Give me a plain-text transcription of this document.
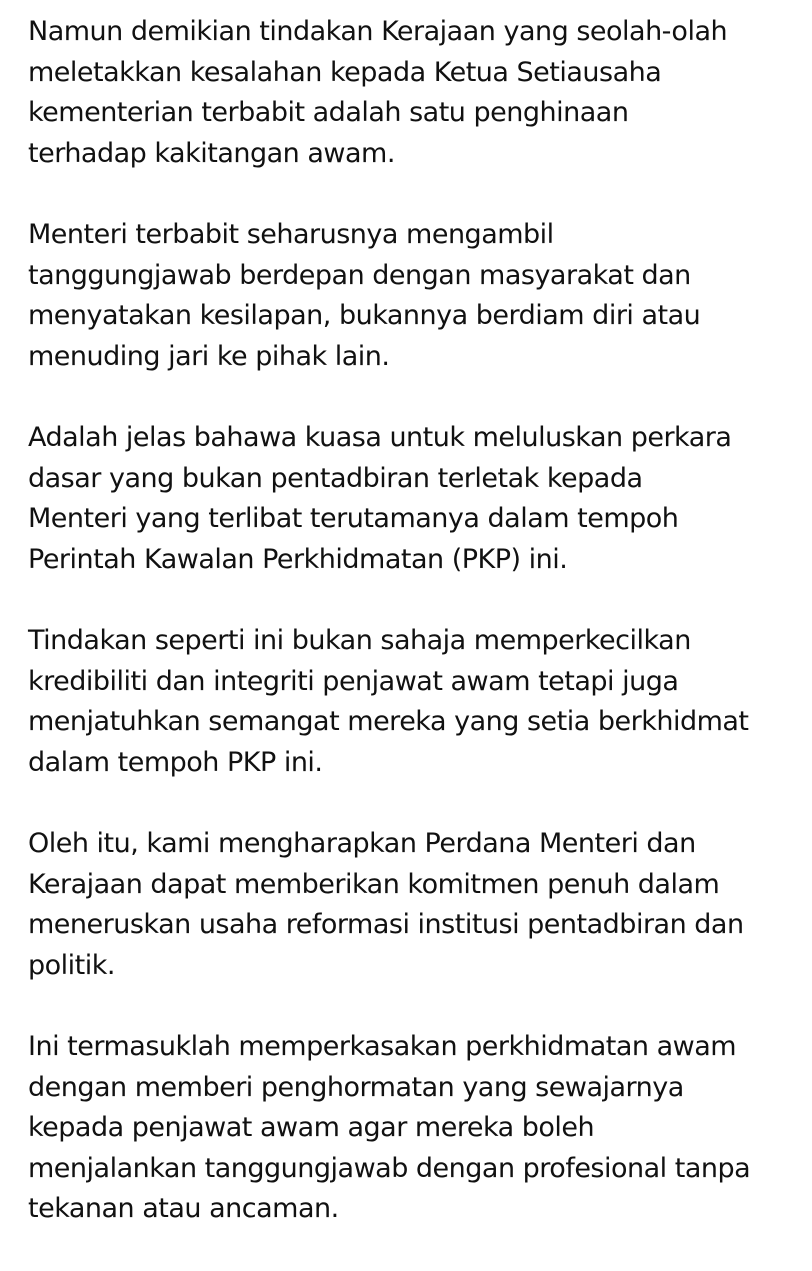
Namun demikian tindakan Kerajaan yang seolah-olah
meletakkan kesalahan kepada Ketua Setiausaha
kementerian terbabit adalah satu penghinaan
terhadap kakitangan awam.

Menteri terbabit seharusnya mengambil
tanggungjawab berdepan dengan masyarakat dan
menyatakan kesilapan, bukannya berdiam diri atau
menuding jari ke pihak lain.

Adalah jelas bahawa kuasa untuk meluluskan perkara
dasar yang bukan pentadbiran terletak kepada
Menteri yang terlibat terutamanya dalam tempoh
Perintah Kawalan Perkhidmatan (PKP) ini.

Tindakan seperti ini bukan sahaja memperkecilkan
kredibiliti dan integriti penjawat awam tetapi juga
menjatuhkan semangat mereka yang setia berkhidmat
dalam tempoh PKP ini.

Oleh itu, kami mengharapkan Perdana Menteri dan
Kerajaan dapat memberikan komitmen penuh dalam
meneruskan usaha reformasi institusi pentadbiran dan
politik.

Ini termasuklah memperkasakan perkhidmatan awam
dengan memberi penghormatan yang sewajarnya
kepada penjawat awam agar mereka boleh
menjalankan tanggungjawab dengan profesional tanpa
tekanan atau ancaman.
